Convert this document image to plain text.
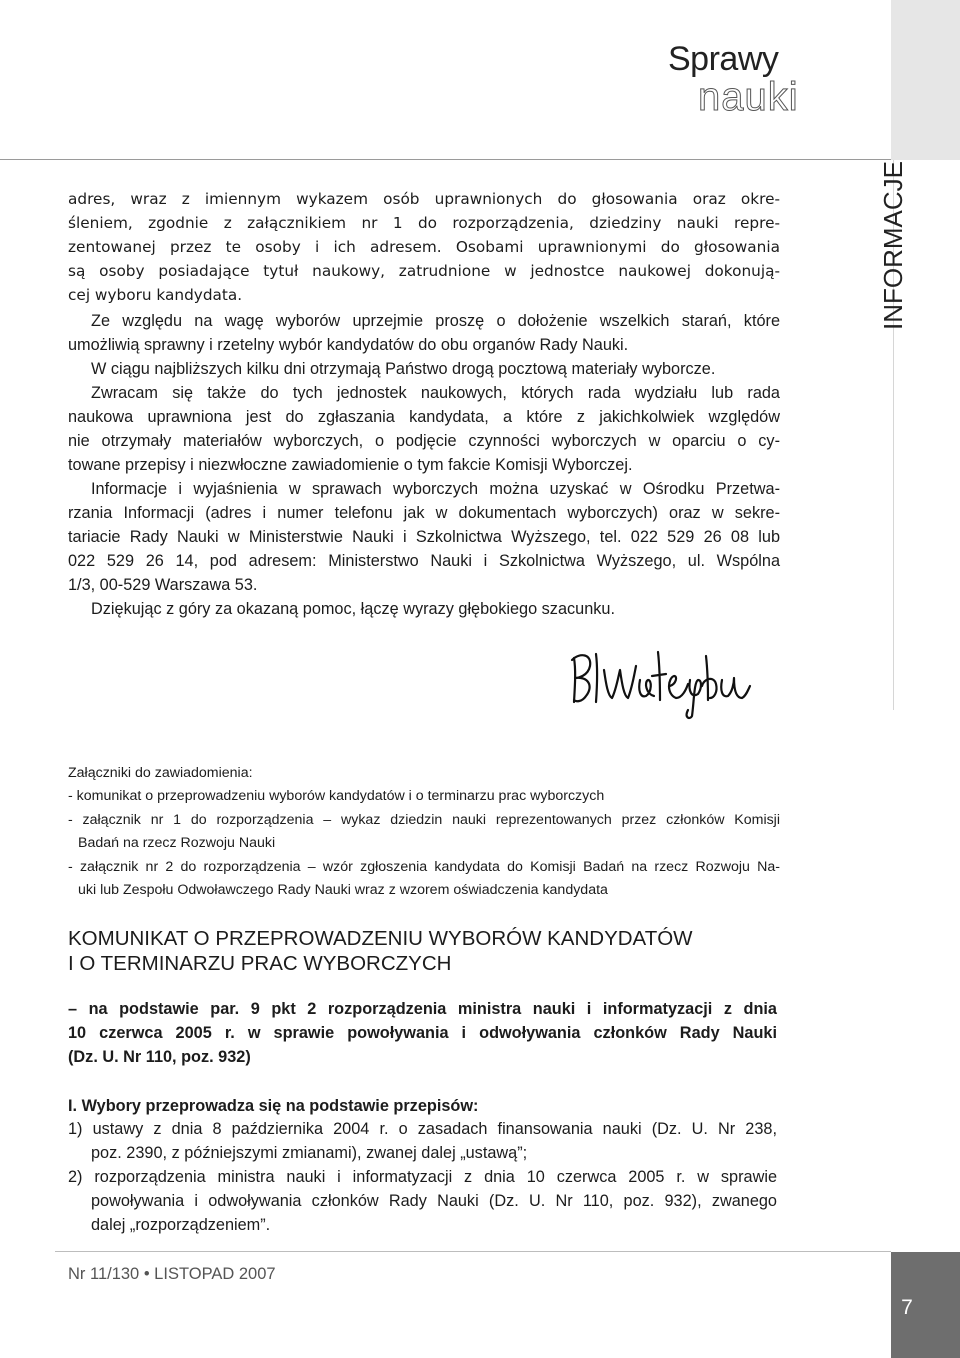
Sprawy
nauki
INFORMACJE
adres, wraz z imiennym wykazem osób uprawnionych do głosowania oraz okre-
śleniem, zgodnie z załącznikiem nr 1 do rozporządzenia, dziedziny nauki repre-
zentowanej przez te osoby i ich adresem. Osobami uprawnionymi do głosowania
są osoby posiadające tytuł naukowy, zatrudnione w jednostce naukowej dokonują-
cej wyboru kandydata.
Ze względu na wagę wyborów uprzejmie proszę o dołożenie wszelkich starań, które
umożliwią sprawny i rzetelny wybór kandydatów do obu organów Rady Nauki.
W ciągu najbliższych kilku dni otrzymają Państwo drogą pocztową materiały wyborcze.
Zwracam się także do tych jednostek naukowych, których rada wydziału lub rada
naukowa uprawniona jest do zgłaszania kandydata, a które z jakichkolwiek względów
nie otrzymały materiałów wyborczych, o podjęcie czynności wyborczych w oparciu o cy-
towane przepisy i niezwłoczne zawiadomienie o tym fakcie Komisji Wyborczej.
Informacje i wyjaśnienia w sprawach wyborczych można uzyskać w Ośrodku Przetwa-
rzania Informacji (adres i numer telefonu jak w dokumentach wyborczych) oraz w sekre-
tariacie Rady Nauki w Ministerstwie Nauki i Szkolnictwa Wyższego, tel. 022 529 26 08 lub
022 529 26 14, pod adresem: Ministerstwo Nauki i Szkolnictwa Wyższego, ul. Wspólna
1/3, 00-529 Warszawa 53.
Dziękując z góry za okazaną pomoc, łączę wyrazy głębokiego szacunku.
Załączniki do zawiadomienia:
- komunikat o przeprowadzeniu wyborów kandydatów i o terminarzu prac wyborczych
- załącznik nr 1 do rozporządzenia – wykaz dziedzin nauki reprezentowanych przez członków Komisji
Badań na rzecz Rozwoju Nauki
- załącznik nr 2 do rozporządzenia – wzór zgłoszenia kandydata do Komisji Badań na rzecz Rozwoju Na-
uki lub Zespołu Odwoławczego Rady Nauki wraz z wzorem oświadczenia kandydata
KOMUNIKAT O PRZEPROWADZENIU WYBORÓW KANDYDATÓW
I O TERMINARZU PRAC WYBORCZYCH
– na podstawie par. 9 pkt 2 rozporządzenia ministra nauki i informatyzacji z dnia
10 czerwca 2005 r. w sprawie powoływania i odwoływania członków Rady Nauki
(Dz. U. Nr 110, poz. 932)
I. Wybory przeprowadza się na podstawie przepisów:
1) ustawy z dnia 8 października 2004 r. o zasadach finansowania nauki (Dz. U. Nr 238,
poz. 2390, z późniejszymi zmianami), zwanej dalej „ustawą”;
2) rozporządzenia ministra nauki i informatyzacji z dnia 10 czerwca 2005 r. w sprawie
powoływania i odwoływania członków Rady Nauki (Dz. U. Nr 110, poz. 932), zwanego
dalej „rozporządzeniem”.
Nr 11/130 • LISTOPAD 2007
7
